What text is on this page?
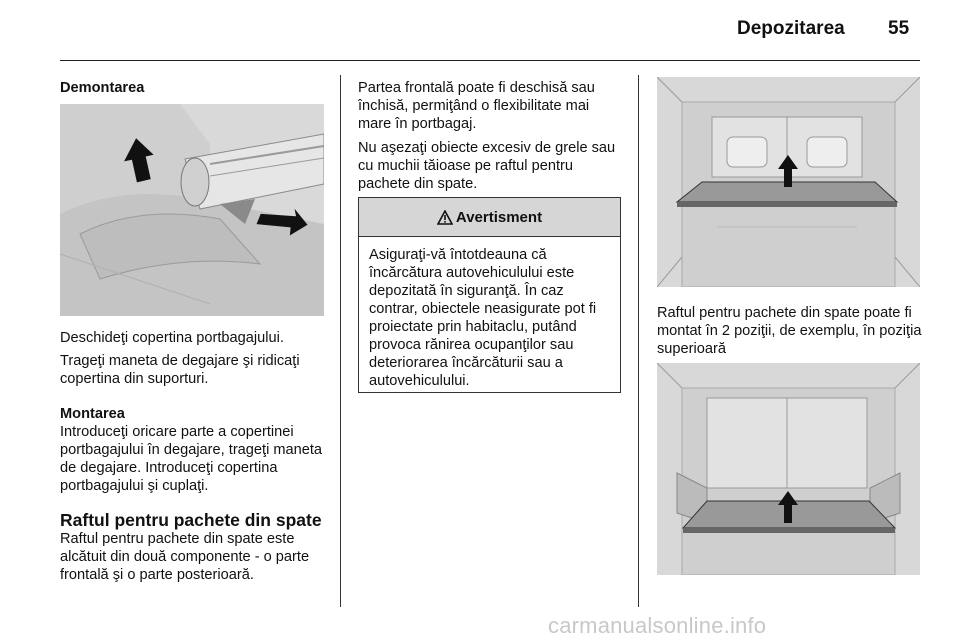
Depozitarea 55
Demontarea
Deschideţi copertina portbagajului.
Trageţi maneta de degajare şi ridicaţi copertina din suporturi.
Montarea
Introduceţi oricare parte a copertinei portbagajului în degajare, trageţi maneta de degajare. Introduceţi copertina portbagajului şi cuplaţi.
Raftul pentru pachete din spate
Raftul pentru pachete din spate este alcătuit din două componente - o parte frontală şi o parte posterioară.
Partea frontală poate fi deschisă sau închisă, permiţând o flexibilitate mai mare în portbagaj.
Nu aşezaţi obiecte excesiv de grele sau cu muchii tăioase pe raftul pentru pachete din spate.
Avertisment
Asiguraţi-vă întotdeauna că încărcătura autovehiculului este depozitată în siguranţă. În caz contrar, obiectele neasigurate pot fi proiectate prin habitaclu, putând provoca rănirea ocupanţilor sau deteriorarea încărcăturii sau a autovehiculului.
Raftul pentru pachete din spate poate fi montat în 2 poziţii, de exemplu, în poziţia superioară
carmanualsonline.info
